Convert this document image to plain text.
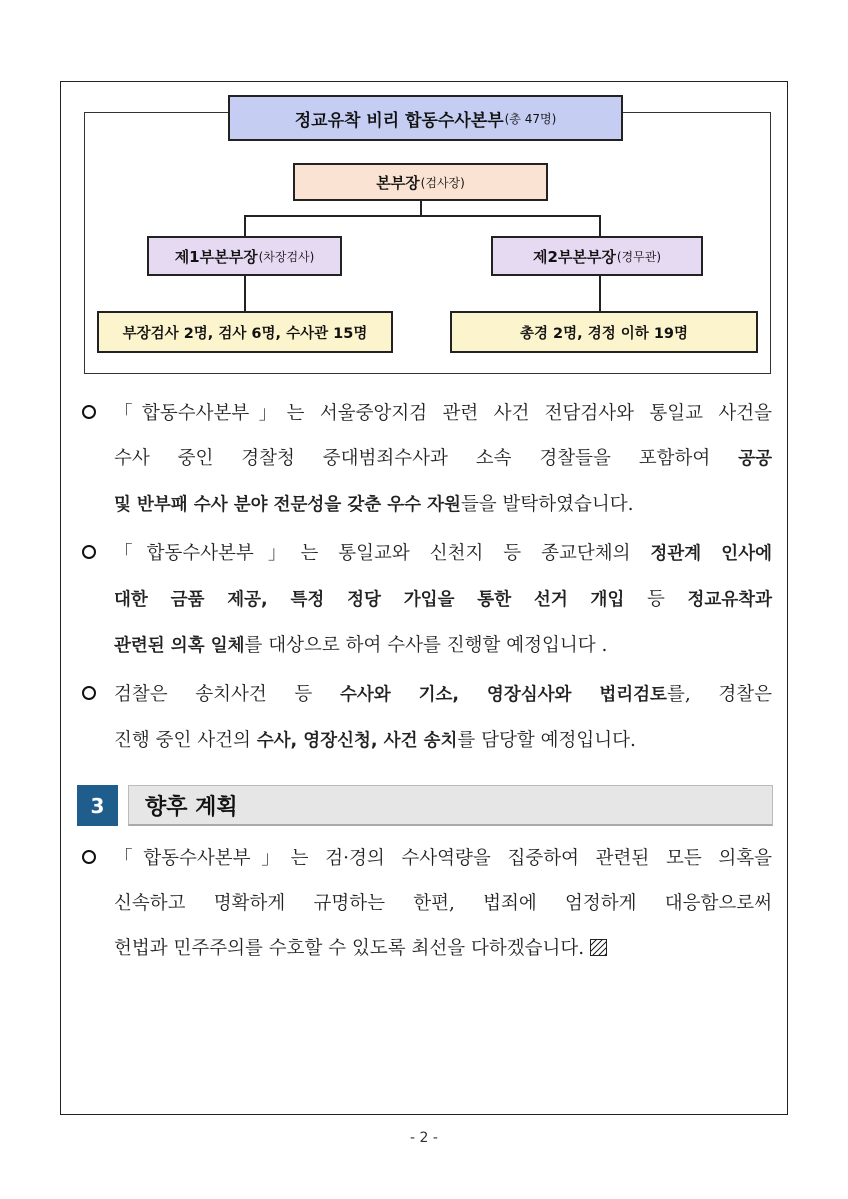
정교유착 비리 합동수사본부 (총 47명)
본부장 (검사장)
제1부본부장 (차장검사)	제2부본부장 (경무관)
부장검사 2명, 검사 6명, 수사관 15명	총경 2명, 경정 이하 19명
「합동수사본부」는 서울중앙지검 관련 사건 전담검사와 통일교 사건을
수사 중인 경찰청 중대범죄수사과 소속 경찰들을 포함하여 공공
및 반부패 수사 분야 전문성을 갖춘 우수 자원들을 발탁하였습니다.
「합동수사본부」는 통일교와 신천지 등 종교단체의 정관계 인사에
대한 금품 제공, 특정 정당 가입을 통한 선거 개입 등 정교유착과
관련된 의혹 일체를 대상으로 하여 수사를 진행할 예정입니다 .
검찰은 송치사건 등 수사와 기소, 영장심사와 법리검토를, 경찰은
진행 중인 사건의 수사, 영장신청, 사건 송치를 담당할 예정입니다.
3	향후 계획
「합동수사본부」는 검·경의 수사역량을 집중하여 관련된 모든 의혹을
신속하고 명확하게 규명하는 한편, 법죄에 엄정하게 대응함으로써
헌법과 민주주의를 수호할 수 있도록 최선을 다하겠습니다.
- 2 -
